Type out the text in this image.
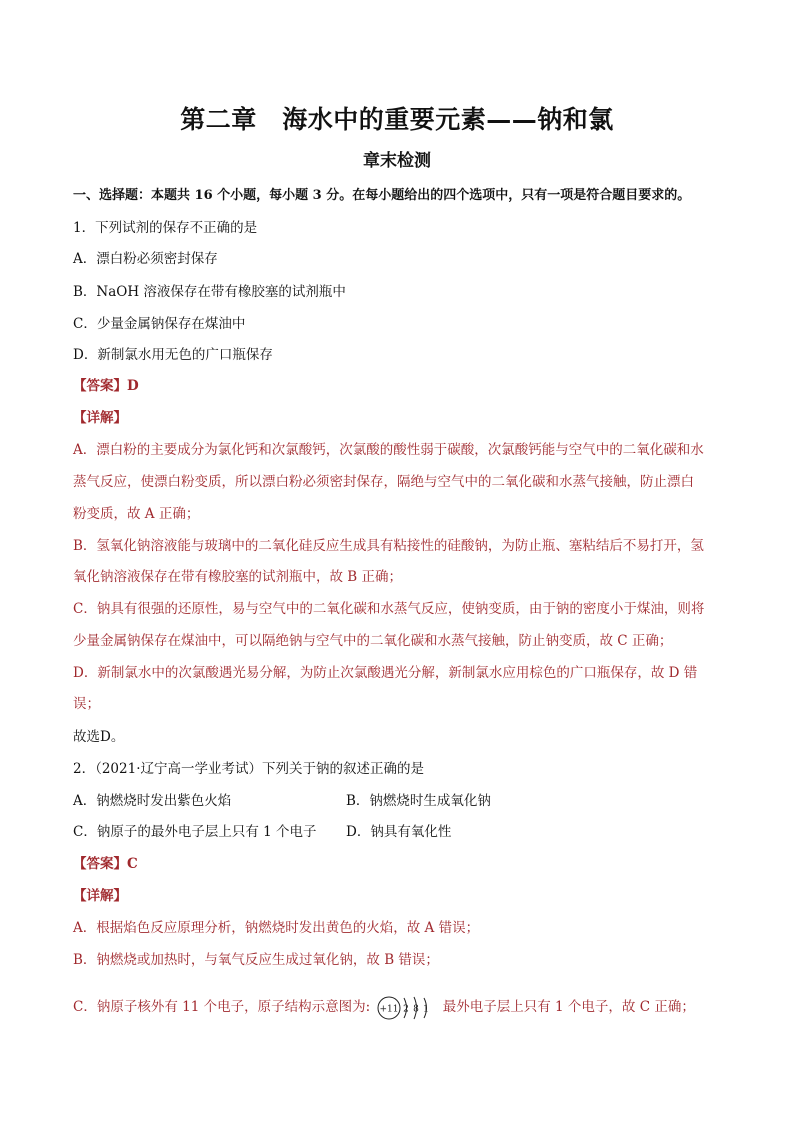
第二章　海水中的重要元素——钠和氯
章末检测
一、选择题：本题共 16 个小题，每小题 3 分。在每小题给出的四个选项中，只有一项是符合题目要求的。
1．下列试剂的保存不正确的是
A．漂白粉必须密封保存
B．NaOH 溶液保存在带有橡胶塞的试剂瓶中
C．少量金属钠保存在煤油中
D．新制氯水用无色的广口瓶保存
【答案】D
【详解】
A．漂白粉的主要成分为氯化钙和次氯酸钙，次氯酸的酸性弱于碳酸，次氯酸钙能与空气中的二氧化碳和水
蒸气反应，使漂白粉变质，所以漂白粉必须密封保存，隔绝与空气中的二氧化碳和水蒸气接触，防止漂白
粉变质，故 A 正确；
B．氢氧化钠溶液能与玻璃中的二氧化硅反应生成具有粘接性的硅酸钠，为防止瓶、塞粘结后不易打开，氢
氧化钠溶液保存在带有橡胶塞的试剂瓶中，故 B 正确；
C．钠具有很强的还原性，易与空气中的二氧化碳和水蒸气反应，使钠变质，由于钠的密度小于煤油，则将
少量金属钠保存在煤油中，可以隔绝钠与空气中的二氧化碳和水蒸气接触，防止钠变质，故 C 正确；
D．新制氯水中的次氯酸遇光易分解，为防止次氯酸遇光分解，新制氯水应用棕色的广口瓶保存，故 D 错
误；
故选D。
2．（2021·辽宁高一学业考试）下列关于钠的叙述正确的是
A．钠燃烧时发出紫色火焰	B．钠燃烧时生成氧化钠
C．钠原子的最外电子层上只有 1 个电子 D．钠具有氧化性
【答案】C
【详解】
A．根据焰色反应原理分析，钠燃烧时发出黄色的火焰，故 A 错误；
B．钠燃烧或加热时，与氧气反应生成过氧化钠，故 B 错误；
C．钠原子核外有 11 个电子，原子结构示意图为: +11 2 8 1 最外电子层上只有 1 个电子，故 C 正确；
